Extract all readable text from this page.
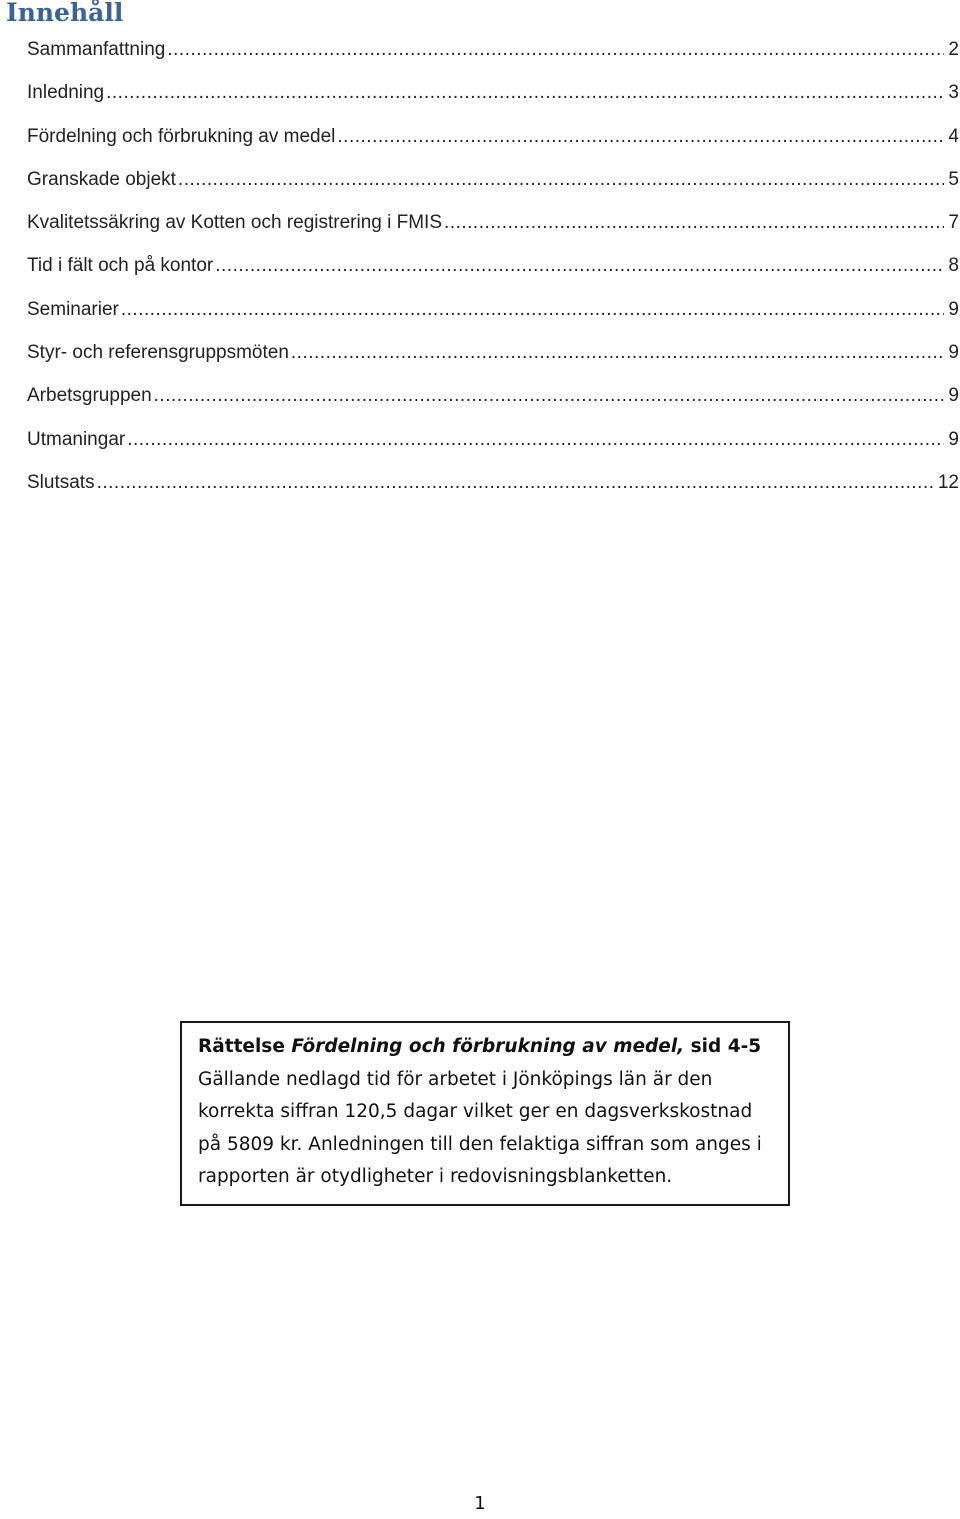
Innehåll
Sammanfattning .....	2
Inledning .....	3
Fördelning och förbrukning av medel .....	4
Granskade objekt .....	5
Kvalitetssäkring av Kotten och registrering i FMIS .....	7
Tid i fält och på kontor .....	8
Seminarier .....	9
Styr- och referensgruppsmöten .....	9
Arbetsgruppen .....	9
Utmaningar .....	9
Slutsats .....	12
Rättelse Fördelning och förbrukning av medel, sid 4-5
Gällande nedlagd tid för arbetet i Jönköpings län är den
korrekta siffran 120,5 dagar vilket ger en dagsverkskostnad
på 5809 kr. Anledningen till den felaktiga siffran som anges i
rapporten är otydligheter i redovisningsblanketten.
1
